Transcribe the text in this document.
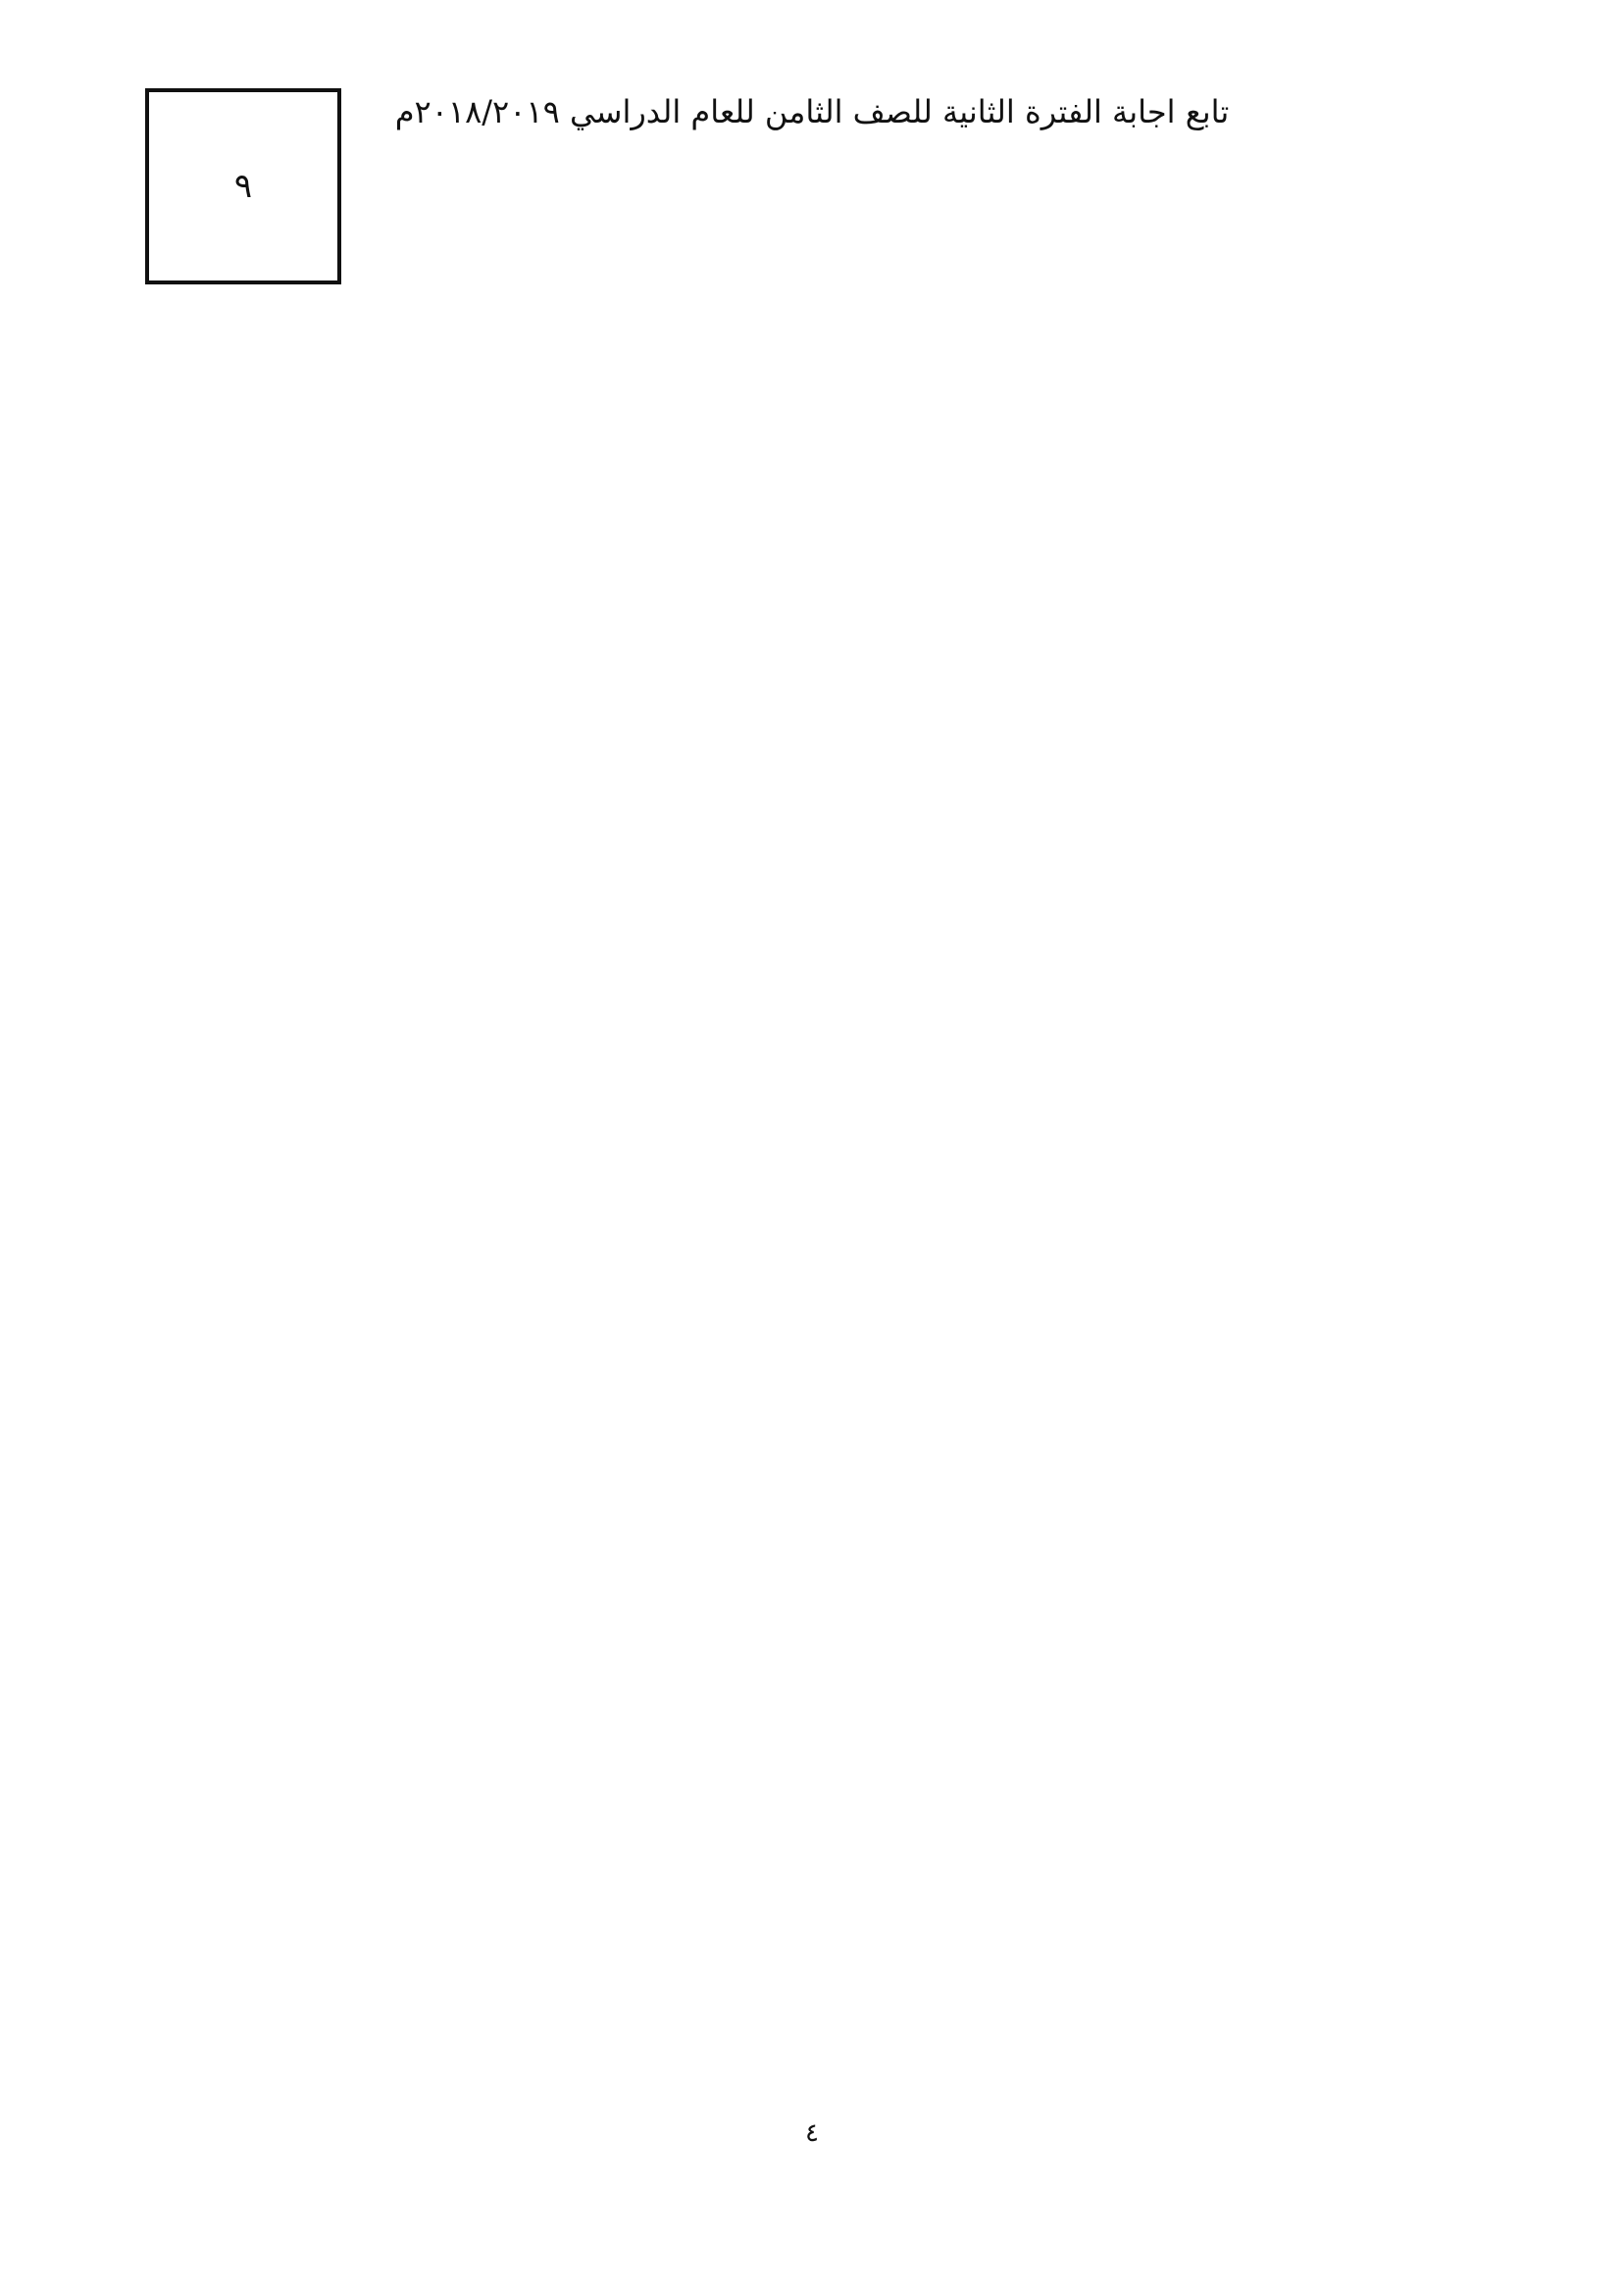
٩
تابع اجابة الفترة الثانية للصف الثامن للعام الدراسي ٢٠١٨/٢٠١٩م
٤
